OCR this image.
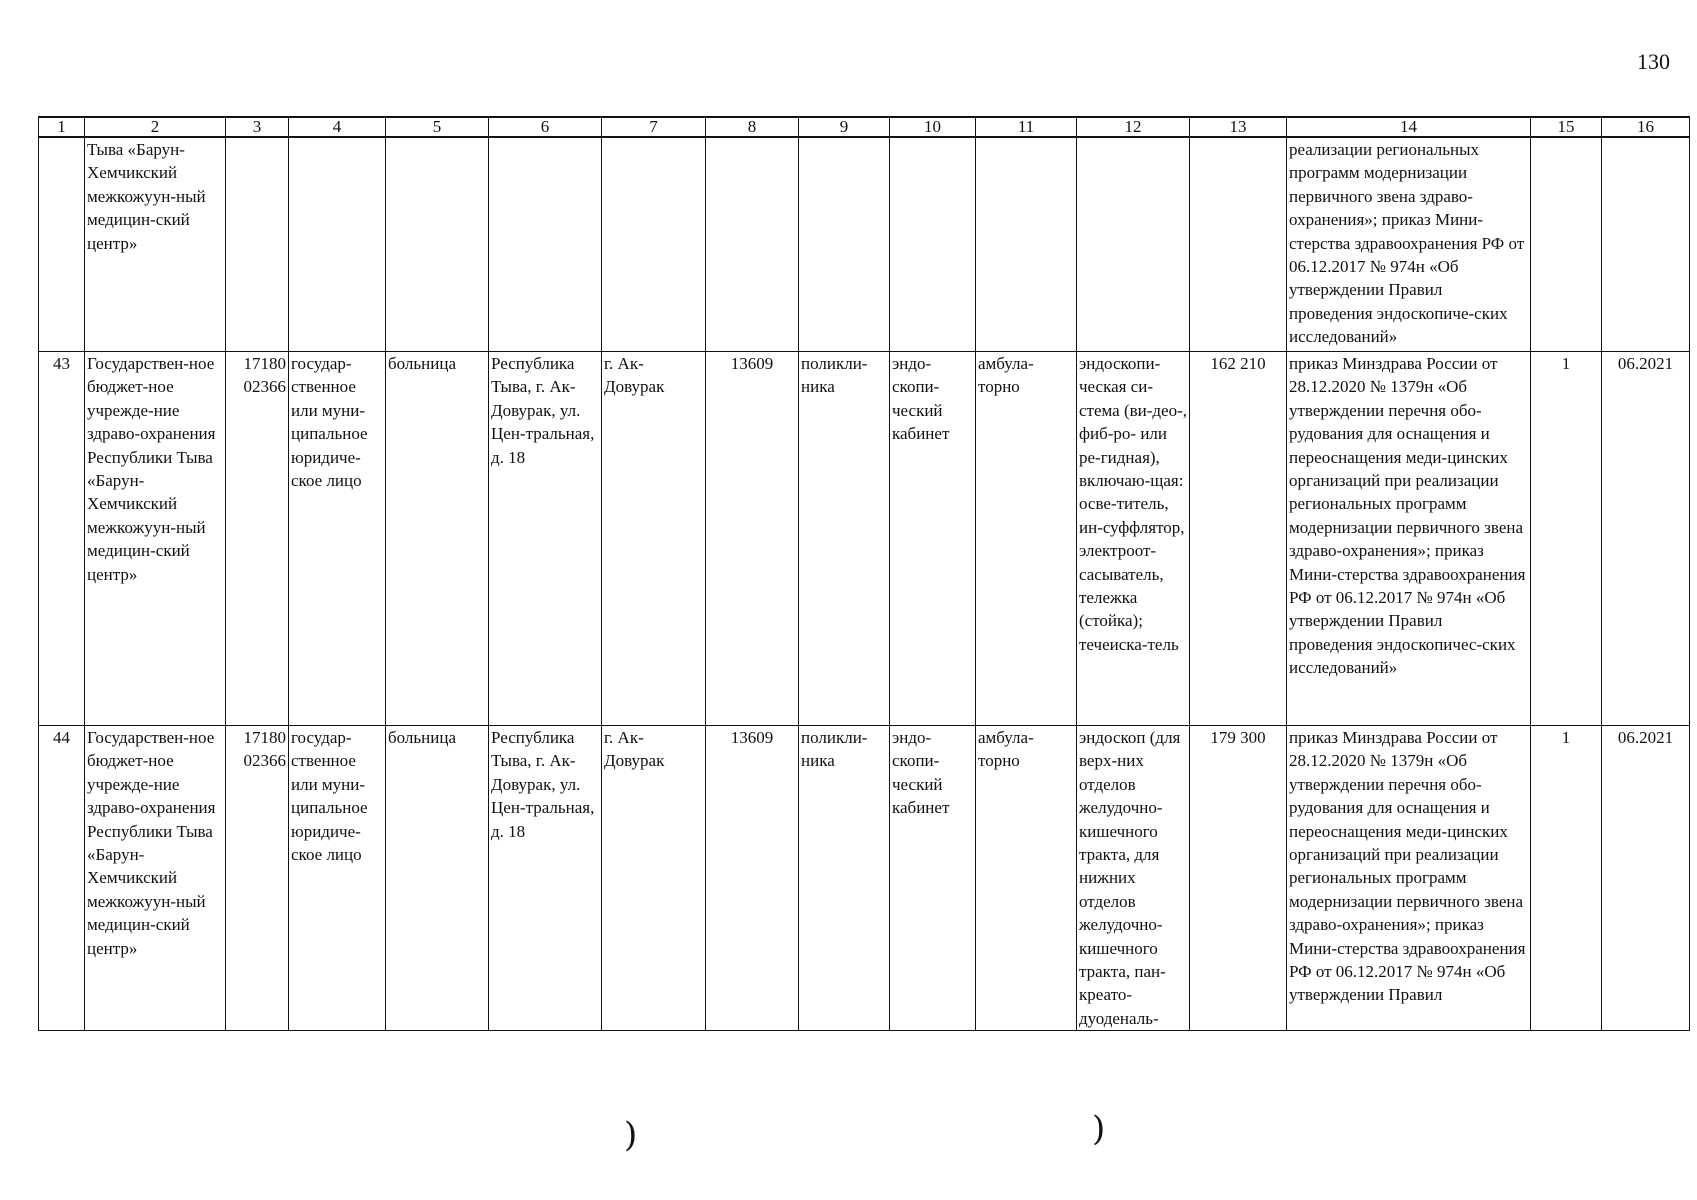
130
1	2	3	4	5	6	7	8	9	10	11	12	13	14	15	16
	Тыва «Барун-Хемчикский межкожуун-ный медицин-ский центр»												реализации региональных программ модернизации первичного звена здраво-охранения»; приказ Мини-стерства здравоохранения РФ от 06.12.2017 № 974н «Об утверждении Правил проведения эндоскопиче-ских исследований»		
43	Государствен-ное бюджет-ное учрежде-ние здраво-охранения Республики Тыва «Барун-Хемчикский межкожуун-ный медицин-ский центр»	17180 02366	государ-ственное или муни-ципальное юридиче-ское лицо	больница	Республика Тыва, г. Ак-Довурак, ул. Цен-тральная, д. 18	г. Ак-Довурак	13609	поликли-ника	эндо-скопи-ческий кабинет	амбула-торно	эндоскопи-ческая си-стема (ви-део-, фиб-ро- или ре-гидная), включаю-щая: осве-титель, ин-суффлятор, электроот-сасыватель, тележка (стойка); течеиска-тель	162 210	приказ Минздрава России от 28.12.2020 № 1379н «Об утверждении перечня обо-рудования для оснащения и переоснащения меди-цинских организаций при реализации региональных программ модернизации первичного звена здраво-охранения»; приказ Мини-стерства здравоохранения РФ от 06.12.2017 № 974н «Об утверждении Правил проведения эндоскопичес-ских исследований»	1	06.2021
44	Государствен-ное бюджет-ное учрежде-ние здраво-охранения Республики Тыва «Барун-Хемчикский межкожуун-ный медицин-ский центр»	17180 02366	государ-ственное или муни-ципальное юридиче-ское лицо	больница	Республика Тыва, г. Ак-Довурак, ул. Цен-тральная, д. 18	г. Ак-Довурак	13609	поликли-ника	эндо-скопи-ческий кабинет	амбула-торно	эндоскоп (для верх-них отделов желудочно-кишечного тракта, для нижних отделов желудочно-кишечного тракта, пан-креато-дуоденаль-	179 300	приказ Минздрава России от 28.12.2020 № 1379н «Об утверждении перечня обо-рудования для оснащения и переоснащения меди-цинских организаций при реализации региональных программ модернизации первичного звена здраво-охранения»; приказ Мини-стерства здравоохранения РФ от 06.12.2017 № 974н «Об утверждении Правил	1	06.2021
)	)
